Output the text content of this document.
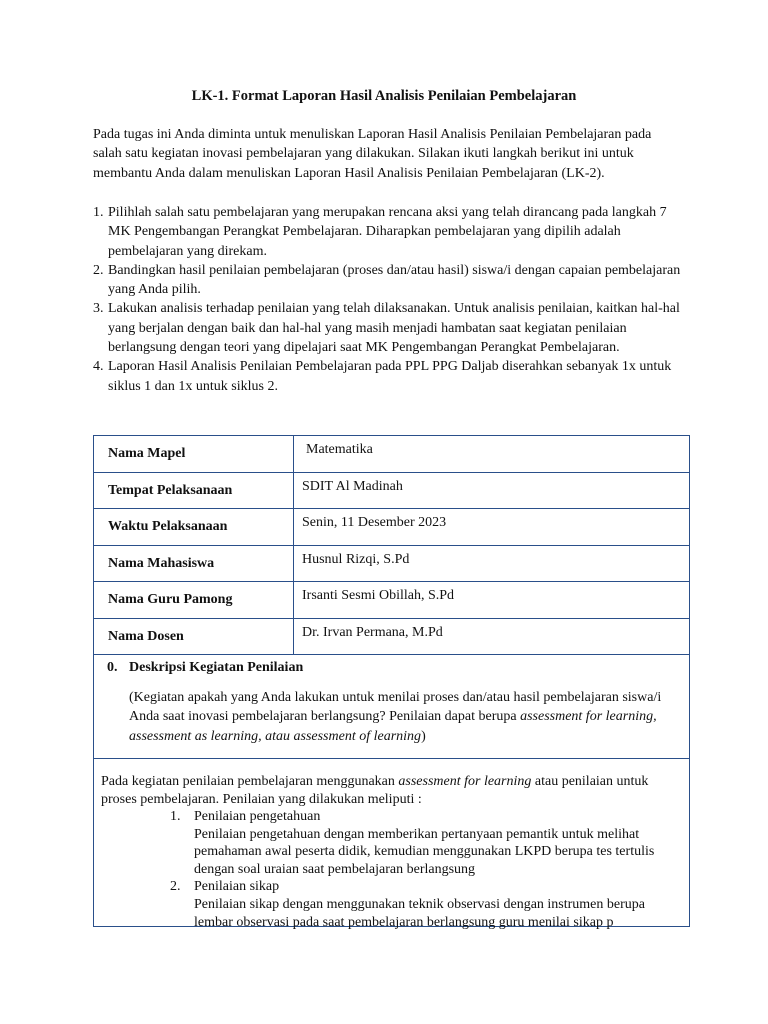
LK-1. Format Laporan Hasil Analisis Penilaian Pembelajaran

Pada tugas ini Anda diminta untuk menuliskan Laporan Hasil Analisis Penilaian Pembelajaran pada salah satu kegiatan inovasi pembelajaran yang dilakukan. Silakan ikuti langkah berikut ini untuk membantu Anda dalam menuliskan Laporan Hasil Analisis Penilaian Pembelajaran (LK-2).

1. Pilihlah salah satu pembelajaran yang merupakan rencana aksi yang telah dirancang pada langkah 7 MK Pengembangan Perangkat Pembelajaran. Diharapkan pembelajaran yang dipilih adalah pembelajaran yang direkam.
2. Bandingkan hasil penilaian pembelajaran (proses dan/atau hasil) siswa/i dengan capaian pembelajaran yang Anda pilih.
3. Lakukan analisis terhadap penilaian yang telah dilaksanakan. Untuk analisis penilaian, kaitkan hal-hal yang berjalan dengan baik dan hal-hal yang masih menjadi hambatan saat kegiatan penilaian berlangsung dengan teori yang dipelajari saat MK Pengembangan Perangkat Pembelajaran.
4. Laporan Hasil Analisis Penilaian Pembelajaran pada PPL PPG Daljab diserahkan sebanyak 1x untuk siklus 1 dan 1x untuk siklus 2.
Nama Mapel	Matematika
Tempat Pelaksanaan	SDIT Al Madinah
Waktu Pelaksanaan	Senin, 11 Desember 2023
Nama Mahasiswa	Husnul Rizqi, S.Pd
Nama Guru Pamong	Irsanti Sesmi Obillah, S.Pd
Nama Dosen	Dr. Irvan Permana, M.Pd
0. Deskripsi Kegiatan Penilaian

(Kegiatan apakah yang Anda lakukan untuk menilai proses dan/atau hasil pembelajaran siswa/i Anda saat inovasi pembelajaran berlangsung? Penilaian dapat berupa assessment for learning, assessment as learning, atau assessment of learning)

Pada kegiatan penilaian pembelajaran menggunakan assessment for learning atau penilaian untuk proses pembelajaran. Penilaian yang dilakukan meliputi :

1. Penilaian pengetahuan
Penilaian pengetahuan dengan memberikan pertanyaan pemantik untuk melihat pemahaman awal peserta didik, kemudian menggunakan LKPD berupa tes tertulis dengan soal uraian saat pembelajaran berlangsung
2. Penilaian sikap
Penilaian sikap dengan menggunakan teknik observasi dengan instrumen berupa lembar observasi pada saat pembelajaran berlangsung guru menilai sikap p
